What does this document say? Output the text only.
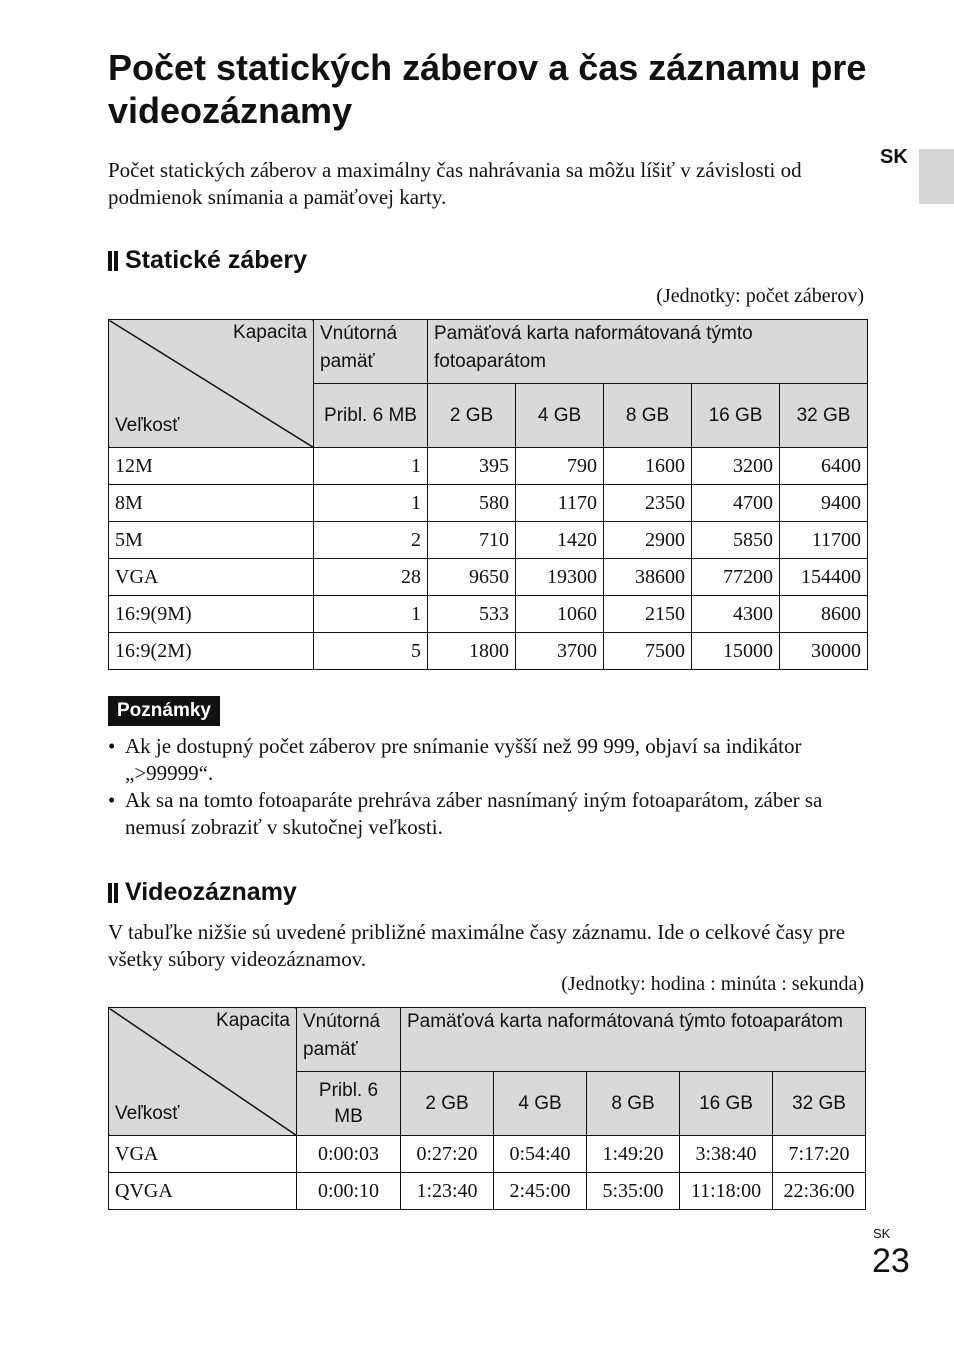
Počet statických záberov a čas záznamu pre videozáznamy
SK
Počet statických záberov a maximálny čas nahrávania sa môžu líšiť v závislosti od podmienok snímania a pamäťovej karty.
Statické zábery
(Jednotky: počet záberov)
Kapacita
Veľkosť	Vnútorná pamäť	Pamäťová karta naformátovaná týmto fotoaparátom				
	Pribl. 6 MB	2 GB	4 GB	8 GB	16 GB	32 GB
12M	1	395	790	1600	3200	6400
8M	1	580	1170	2350	4700	9400
5M	2	710	1420	2900	5850	11700
VGA	28	9650	19300	38600	77200	154400
16:9(9M)	1	533	1060	2150	4300	8600
16:9(2M)	5	1800	3700	7500	15000	30000
Poznámky
• Ak je dostupný počet záberov pre snímanie vyšší než 99 999, objaví sa indikátor „>99999“.
• Ak sa na tomto fotoaparáte prehráva záber nasnímaný iným fotoaparátom, záber sa nemusí zobraziť v skutočnej veľkosti.
Videozáznamy
V tabuľke nižšie sú uvedené približné maximálne časy záznamu. Ide o celkové časy pre všetky súbory videozáznamov.
(Jednotky: hodina : minúta : sekunda)
Kapacita
Veľkosť	Vnútorná pamäť	Pamäťová karta naformátovaná týmto fotoaparátom				
	Pribl. 6 MB	2 GB	4 GB	8 GB	16 GB	32 GB
VGA	0:00:03	0:27:20	0:54:40	1:49:20	3:38:40	7:17:20
QVGA	0:00:10	1:23:40	2:45:00	5:35:00	11:18:00	22:36:00
SK
23
